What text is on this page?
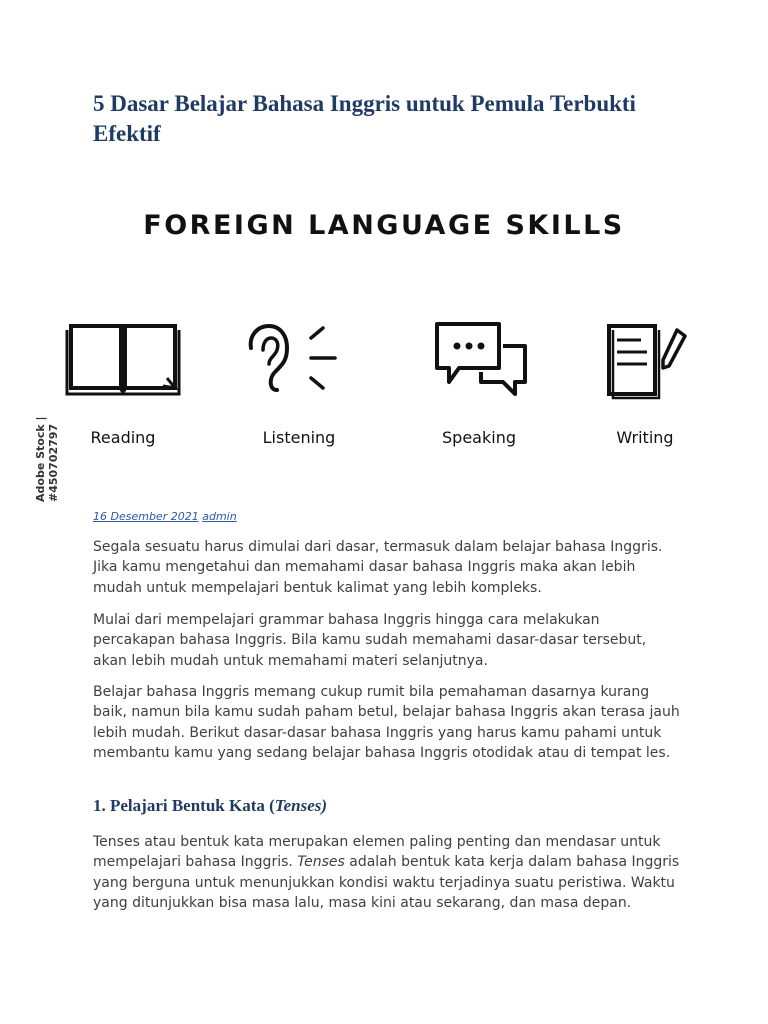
5 Dasar Belajar Bahasa Inggris untuk Pemula Terbukti Efektif
Adobe Stock | #450702797
FOREIGN LANGUAGE SKILLS
Reading	Listening	Speaking	Writing
16 Desember 2021 admin

Segala sesuatu harus dimulai dari dasar, termasuk dalam belajar bahasa Inggris. Jika kamu mengetahui dan memahami dasar bahasa Inggris maka akan lebih mudah untuk mempelajari bentuk kalimat yang lebih kompleks.

Mulai dari mempelajari grammar bahasa Inggris hingga cara melakukan percakapan bahasa Inggris. Bila kamu sudah memahami dasar-dasar tersebut, akan lebih mudah untuk memahami materi selanjutnya.

Belajar bahasa Inggris memang cukup rumit bila pemahaman dasarnya kurang baik, namun bila kamu sudah paham betul, belajar bahasa Inggris akan terasa jauh lebih mudah. Berikut dasar-dasar bahasa Inggris yang harus kamu pahami untuk membantu kamu yang sedang belajar bahasa Inggris otodidak atau di tempat les.

1. Pelajari Bentuk Kata (Tenses)

Tenses atau bentuk kata merupakan elemen paling penting dan mendasar untuk mempelajari bahasa Inggris. Tenses adalah bentuk kata kerja dalam bahasa Inggris yang berguna untuk menunjukkan kondisi waktu terjadinya suatu peristiwa. Waktu yang ditunjukkan bisa masa lalu, masa kini atau sekarang, dan masa depan.
